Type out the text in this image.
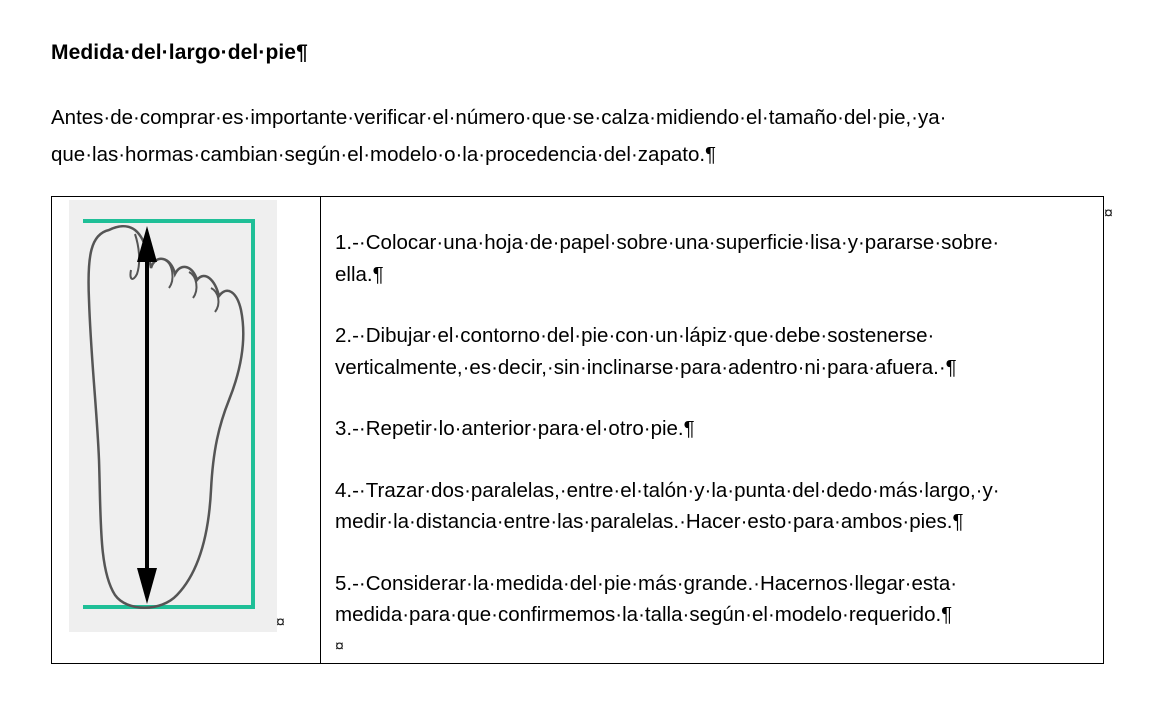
Medida·del·largo·del·pie¶
Antes·de·comprar·es·importante·verificar·el·número·que·se·calza·midiendo·el·tamaño·del·pie,·ya·
que·las·hormas·cambian·según·el·modelo·o·la·procedencia·del·zapato.¶
¤

1.-·Colocar·una·hoja·de·papel·sobre·una·superficie·lisa·y·pararse·sobre·
ella.¶
2.-·Dibujar·el·contorno·del·pie·con·un·lápiz·que·debe·sostenerse·
verticalmente,·es·decir,·sin·inclinarse·para·adentro·ni·para·afuera.·¶
3.-·Repetir·lo·anterior·para·el·otro·pie.¶
4.-·Trazar·dos·paralelas,·entre·el·talón·y·la·punta·del·dedo·más·largo,·y·
medir·la·distancia·entre·las·paralelas.·Hacer·esto·para·ambos·pies.¶
5.-·Considerar·la·medida·del·pie·más·grande.·Hacernos·llegar·esta·
medida·para·que·confirmemos·la·talla·según·el·modelo·requerido.¶
¤
¤
